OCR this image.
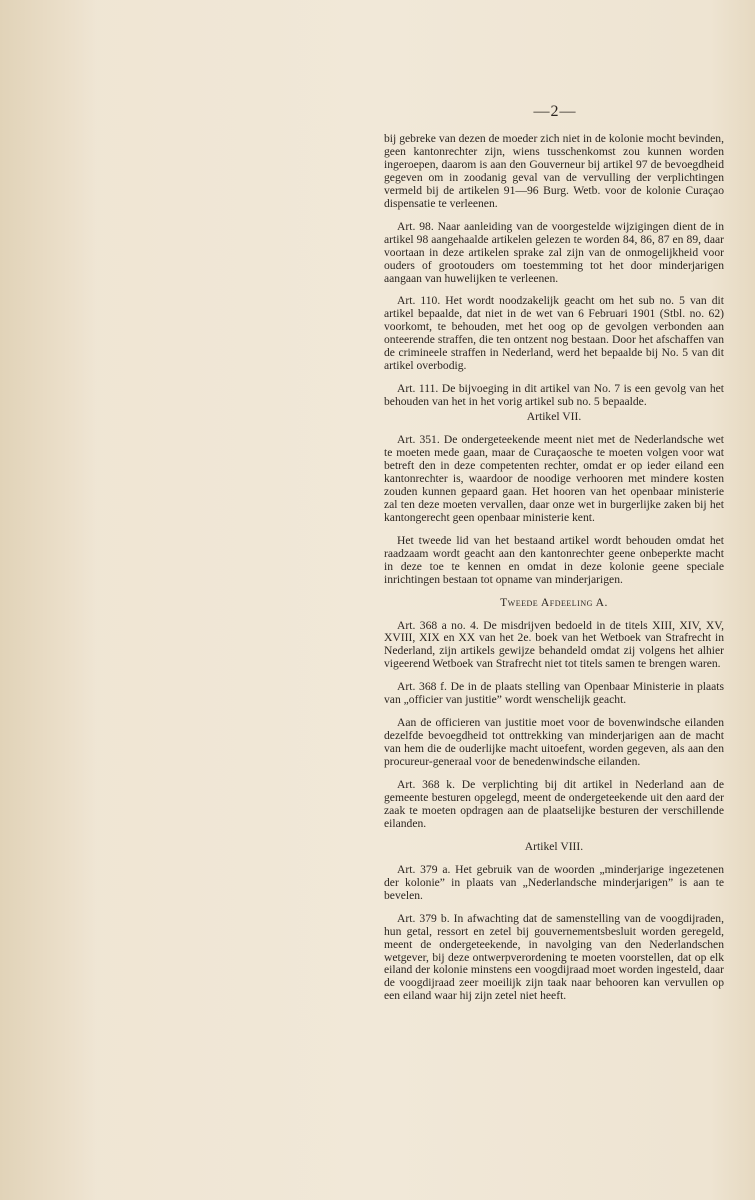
—2—

bij gebreke van dezen de moeder zich niet in de kolonie mocht bevinden, geen kantonrechter zijn, wiens tusschenkomst zou kunnen worden ingeroepen, daarom is aan den Gouverneur bij artikel 97 de bevoegdheid gegeven om in zoodanig geval van de vervulling der verplichtingen vermeld bij de artikelen 91—96 Burg. Wetb. voor de kolonie Curaçao dispensatie te verleenen.

Art. 98. Naar aanleiding van de voorgestelde wijzigingen dient de in artikel 98 aangehaalde artikelen gelezen te worden 84, 86, 87 en 89, daar voortaan in deze artikelen sprake zal zijn van de onmogelijkheid voor ouders of grootouders om toestemming tot het door minderjarigen aangaan van huwelijken te verleenen.

Art. 110. Het wordt noodzakelijk geacht om het sub no. 5 van dit artikel bepaalde, dat niet in de wet van 6 Februari 1901 (Stbl. no. 62) voorkomt, te behouden, met het oog op de gevolgen verbonden aan onteerende straffen, die ten ontzent nog bestaan. Door het afschaffen van de crimineele straffen in Nederland, werd het bepaalde bij No. 5 van dit artikel overbodig.

Art. 111. De bijvoeging in dit artikel van No. 7 is een gevolg van het behouden van het in het vorig artikel sub no. 5 bepaalde.

Artikel VII.

Art. 351. De ondergeteekende meent niet met de Nederlandsche wet te moeten mede gaan, maar de Curaçaosche te moeten volgen voor wat betreft den in deze competenten rechter, omdat er op ieder eiland een kantonrechter is, waardoor de noodige verhooren met mindere kosten zouden kunnen gepaard gaan. Het hooren van het openbaar ministerie zal ten deze moeten vervallen, daar onze wet in burgerlijke zaken bij het kantongerecht geen openbaar ministerie kent.

Het tweede lid van het bestaand artikel wordt behouden omdat het raadzaam wordt geacht aan den kantonrechter geene onbeperkte macht in deze toe te kennen en omdat in deze kolonie geene speciale inrichtingen bestaan tot opname van minderjarigen.

Tweede Afdeeling A.

Art. 368 a no. 4. De misdrijven bedoeld in de titels XIII, XIV, XV, XVIII, XIX en XX van het 2e. boek van het Wetboek van Strafrecht in Nederland, zijn artikels gewijze behandeld omdat zij volgens het alhier vigeerend Wetboek van Strafrecht niet tot titels samen te brengen waren.

Art. 368 f. De in de plaats stelling van Openbaar Ministerie in plaats van „officier van justitie” wordt wenschelijk geacht.

Aan de officieren van justitie moet voor de bovenwindsche eilanden dezelfde bevoegdheid tot onttrekking van minderjarigen aan de macht van hem die de ouderlijke macht uitoefent, worden gegeven, als aan den procureur-generaal voor de benedenwindsche eilanden.

Art. 368 k. De verplichting bij dit artikel in Nederland aan de gemeente besturen opgelegd, meent de ondergeteekende uit den aard der zaak te moeten opdragen aan de plaatselijke besturen der verschillende eilanden.

Artikel VIII.

Art. 379 a. Het gebruik van de woorden „minderjarige ingezetenen der kolonie” in plaats van „Nederlandsche minderjarigen” is aan te bevelen.

Art. 379 b. In afwachting dat de samenstelling van de voogdijraden, hun getal, ressort en zetel bij gouvernementsbesluit worden geregeld, meent de ondergeteekende, in navolging van den Nederlandschen wetgever, bij deze ontwerpverordening te moeten voorstellen, dat op elk eiland der kolonie minstens een voogdijraad moet worden ingesteld, daar de voogdijraad zeer moeilijk zijn taak naar behooren kan vervullen op een eiland waar hij zijn zetel niet heeft.
